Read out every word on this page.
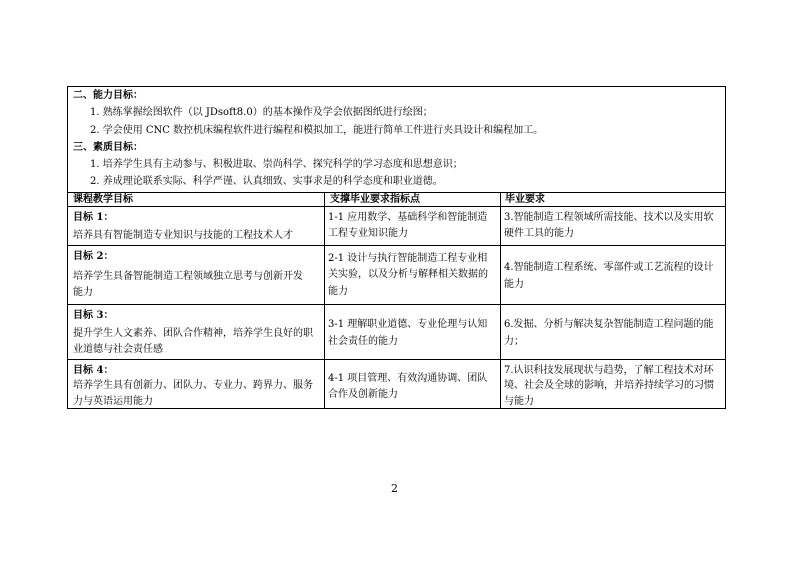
二、能力目标：
1. 熟练掌握绘图软件（以 JDsoft8.0）的基本操作及学会依据图纸进行绘图；
2. 学会使用 CNC 数控机床编程软件进行编程和模拟加工，能进行简单工件进行夹具设计和编程加工。
三、素质目标：
1. 培养学生具有主动参与、积极进取、崇尚科学、探究科学的学习态度和思想意识；
2. 养成理论联系实际、科学严谨、认真细致、实事求是的科学态度和职业道德。
课程教学目标	支撑毕业要求指标点	毕业要求
目标 1：
培养具有智能制造专业知识与技能的工程技术人才
1-1 应用数学、基础科学和智能制造
工程专业知识能力
3.智能制造工程领域所需技能、技术以及实用软
硬件工具的能力
目标 2：
培养学生具备智能制造工程领域独立思考与创新开发
能力
2-1 设计与执行智能制造工程专业相
关实验，以及分析与解释相关数据的
能力
4.智能制造工程系统、零部件或工艺流程的设计
能力
目标 3：
提升学生人文素养、团队合作精神，培养学生良好的职
业道德与社会责任感
3-1 理解职业道德、专业伦理与认知
社会责任的能力
6.发掘、分析与解决复杂智能制造工程问题的能
力；
目标 4：
培养学生具有创新力、团队力、专业力、跨界力、服务
力与英语运用能力
4-1 项目管理、有效沟通协调、团队
合作及创新能力
7.认识科技发展现状与趋势，了解工程技术对环
境、社会及全球的影响，并培养持续学习的习惯
与能力
2
